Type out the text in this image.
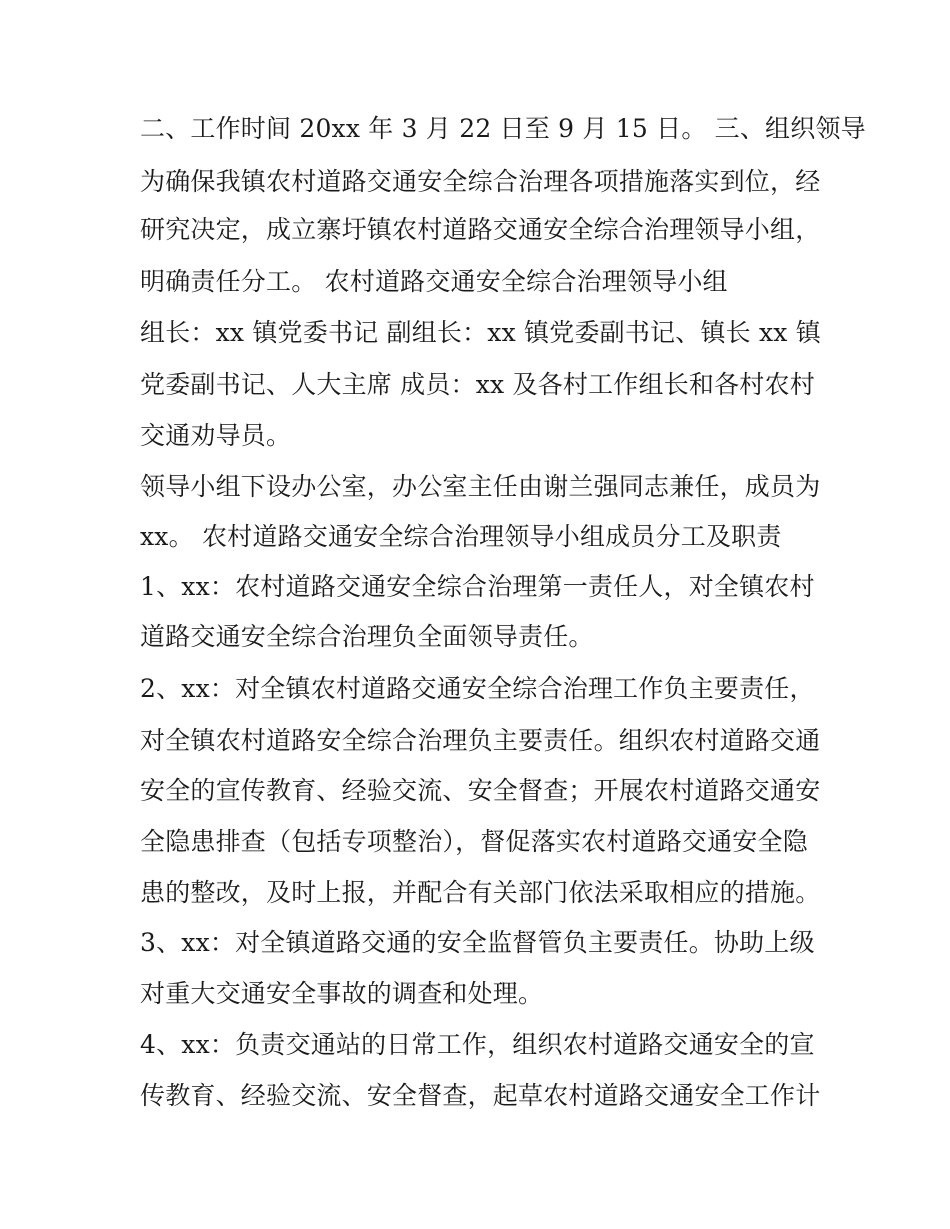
二、工作时间 20xx 年 3 月 22 日至 9 月 15 日。 三、组织领导
为确保我镇农村道路交通安全综合治理各项措施落实到位，经
研究决定，成立寨圩镇农村道路交通安全综合治理领导小组，
明确责任分工。 农村道路交通安全综合治理领导小组
组长：xx 镇党委书记 副组长：xx 镇党委副书记、镇长 xx 镇
党委副书记、人大主席 成员：xx 及各村工作组长和各村农村
交通劝导员。
领导小组下设办公室，办公室主任由谢兰强同志兼任，成员为
xx。 农村道路交通安全综合治理领导小组成员分工及职责
1、xx：农村道路交通安全综合治理第一责任人，对全镇农村
道路交通安全综合治理负全面领导责任。
2、xx：对全镇农村道路交通安全综合治理工作负主要责任，
对全镇农村道路安全综合治理负主要责任。组织农村道路交通
安全的宣传教育、经验交流、安全督查；开展农村道路交通安
全隐患排查（包括专项整治），督促落实农村道路交通安全隐
患的整改，及时上报，并配合有关部门依法采取相应的措施。
3、xx：对全镇道路交通的安全监督管负主要责任。协助上级
对重大交通安全事故的调查和处理。
4、xx：负责交通站的日常工作，组织农村道路交通安全的宣
传教育、经验交流、安全督查，起草农村道路交通安全工作计
